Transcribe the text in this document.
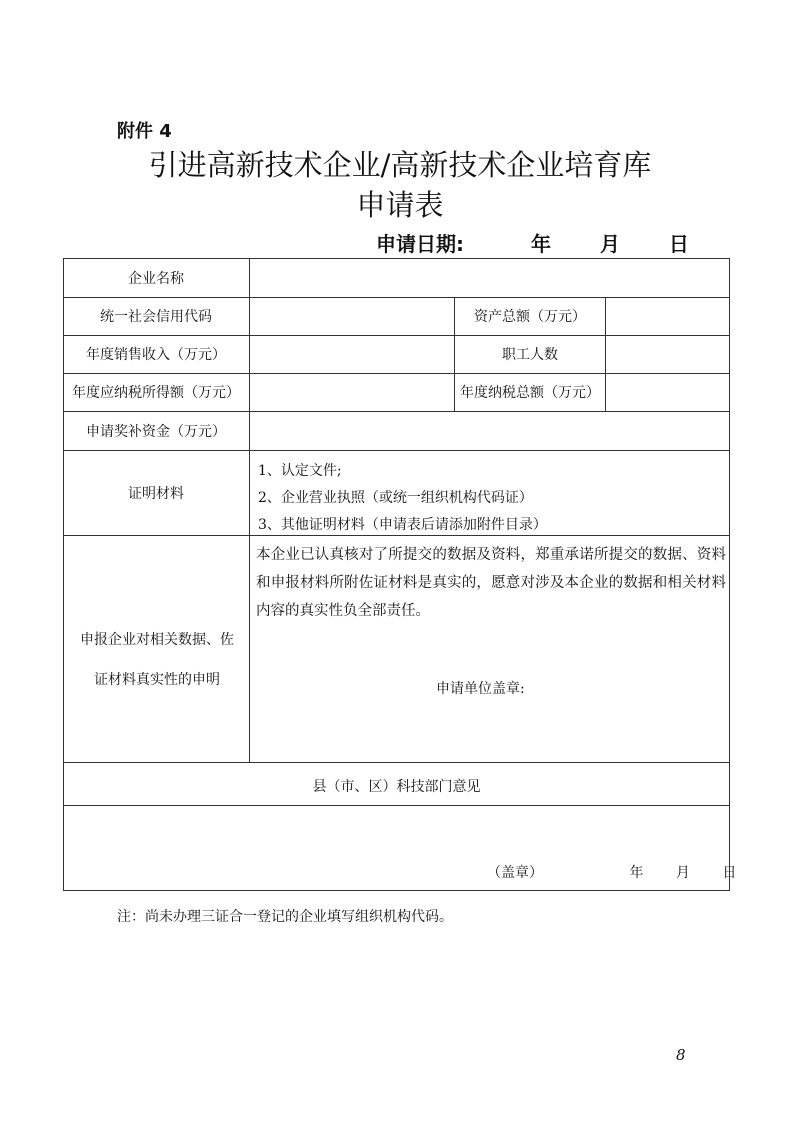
附件 4
引进高新技术企业/高新技术企业培育库
申请表
申请日期:	年 月 日
企业名称
统一社会信用代码	资产总额（万元）
年度销售收入（万元）	职工人数
年度应纳税所得额（万元）	年度纳税总额（万元）
申请奖补资金（万元）
证明材料
1、认定文件;
2、企业营业执照（或统一组织机构代码证）
3、其他证明材料（申请表后请添加附件目录）
申报企业对相关数据、佐
证材料真实性的申明
本企业已认真核对了所提交的数据及资料，郑重承诺所提交的数据、资料和申报材料所附佐证材料是真实的，愿意对涉及本企业的数据和相关材料内容的真实性负全部责任。
申请单位盖章:
县（市、区）科技部门意见
（盖章）	年 月 日
注：尚未办理三证合一登记的企业填写组织机构代码。
8
